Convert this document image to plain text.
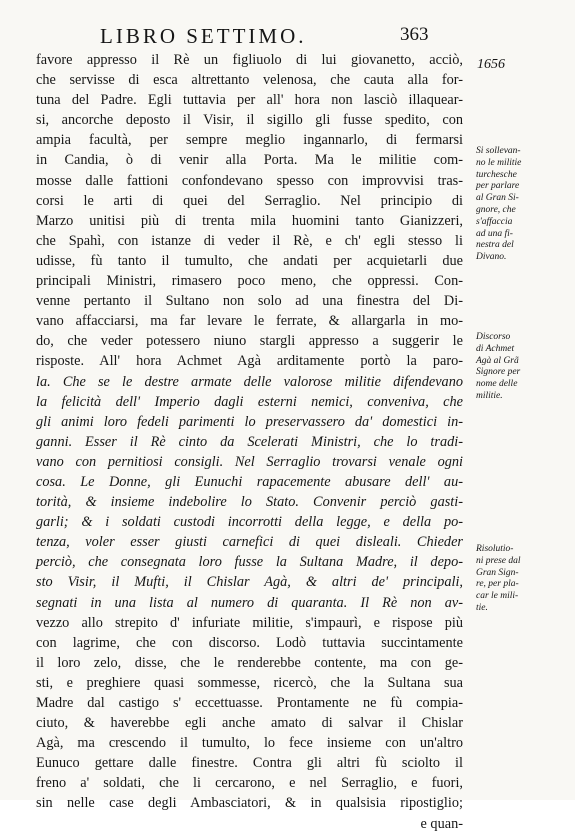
LIBRO SETTIMO.	363
1656
favore appresso il Rè un figliuolo di lui giovanetto, acciò,
che servisse di esca altrettanto velenosa, che cauta alla for-
tuna del Padre. Egli tuttavia per all' hora non lasciò illaquear-
si, ancorche deposto il Visir, il sigillo gli fusse spedito, con
ampia facultà, per sempre meglio ingannarlo, di fermarsi
in Candia, ò di venir alla Porta. Ma le militie com-
mosse dalle fattioni confondevano spesso con improvvisi tras-
corsi le arti di quei del Serraglio. Nel principio di
Marzo unitisi più di trenta mila huomini tanto Gianizzeri,
che Spahì, con istanze di veder il Rè, e ch' egli stesso li
udisse, fù tanto il tumulto, che andati per acquietarli due
principali Ministri, rimasero poco meno, che oppressi. Con-
venne pertanto il Sultano non solo ad una finestra del Di-
vano affacciarsi, ma far levare le ferrate, & allargarla in mo-
do, che veder potessero niuno stargli appresso a suggerir le
risposte. All' hora Achmet Agà arditamente portò la paro-
la. Che se le destre armate delle valorose militie difendevano
la felicità dell' Imperio dagli esterni nemici, conveniva, che
gli animi loro fedeli parimenti lo preservassero da' domestici in-
ganni. Esser il Rè cinto da Scelerati Ministri, che lo tradi-
vano con pernitiosi consigli. Nel Serraglio trovarsi venale ogni
cosa. Le Donne, gli Eunuchi rapacemente abusare dell' au-
torità, & insieme indebolire lo Stato. Convenir perciò gasti-
garli; & i soldati custodi incorrotti della legge, e della po-
tenza, voler esser giusti carnefici di quei disleali. Chieder
perciò, che consegnata loro fusse la Sultana Madre, il depo-
sto Visir, il Mufti, il Chislar Agà, & altri de' principali,
segnati in una lista al numero di quaranta. Il Rè non av-
vezzo allo strepito d' infuriate militie, s'impaurì, e rispose più
con lagrime, che con discorso. Lodò tuttavia succintamente
il loro zelo, disse, che le renderebbe contente, ma con ge-
sti, e preghiere quasi sommesse, ricercò, che la Sultana sua
Madre dal castigo s' eccettuasse. Prontamente ne fù compia-
ciuto, & haverebbe egli anche amato di salvar il Chislar
Agà, ma crescendo il tumulto, lo fece insieme con un'altro
Eunuco gettare dalle finestre. Contra gli altri fù sciolto il
freno a' soldati, che li cercarono, e nel Serraglio, e fuori,
sin nelle case degli Ambasciatori, & in qualsisia ripostiglio;
e quan-
Si sollevan-
no le militie
turchesche
per parlare
al Gran Si-
gnore, che
s'affaccia
ad una fi-
nestra del
Divano.
Discorso
di Achmet
Agà al Grã
Signore per
nome delle
militie.
Risolutio-
ni prese dal
Gran Sign-
re, per pla-
car le mili-
tie.
